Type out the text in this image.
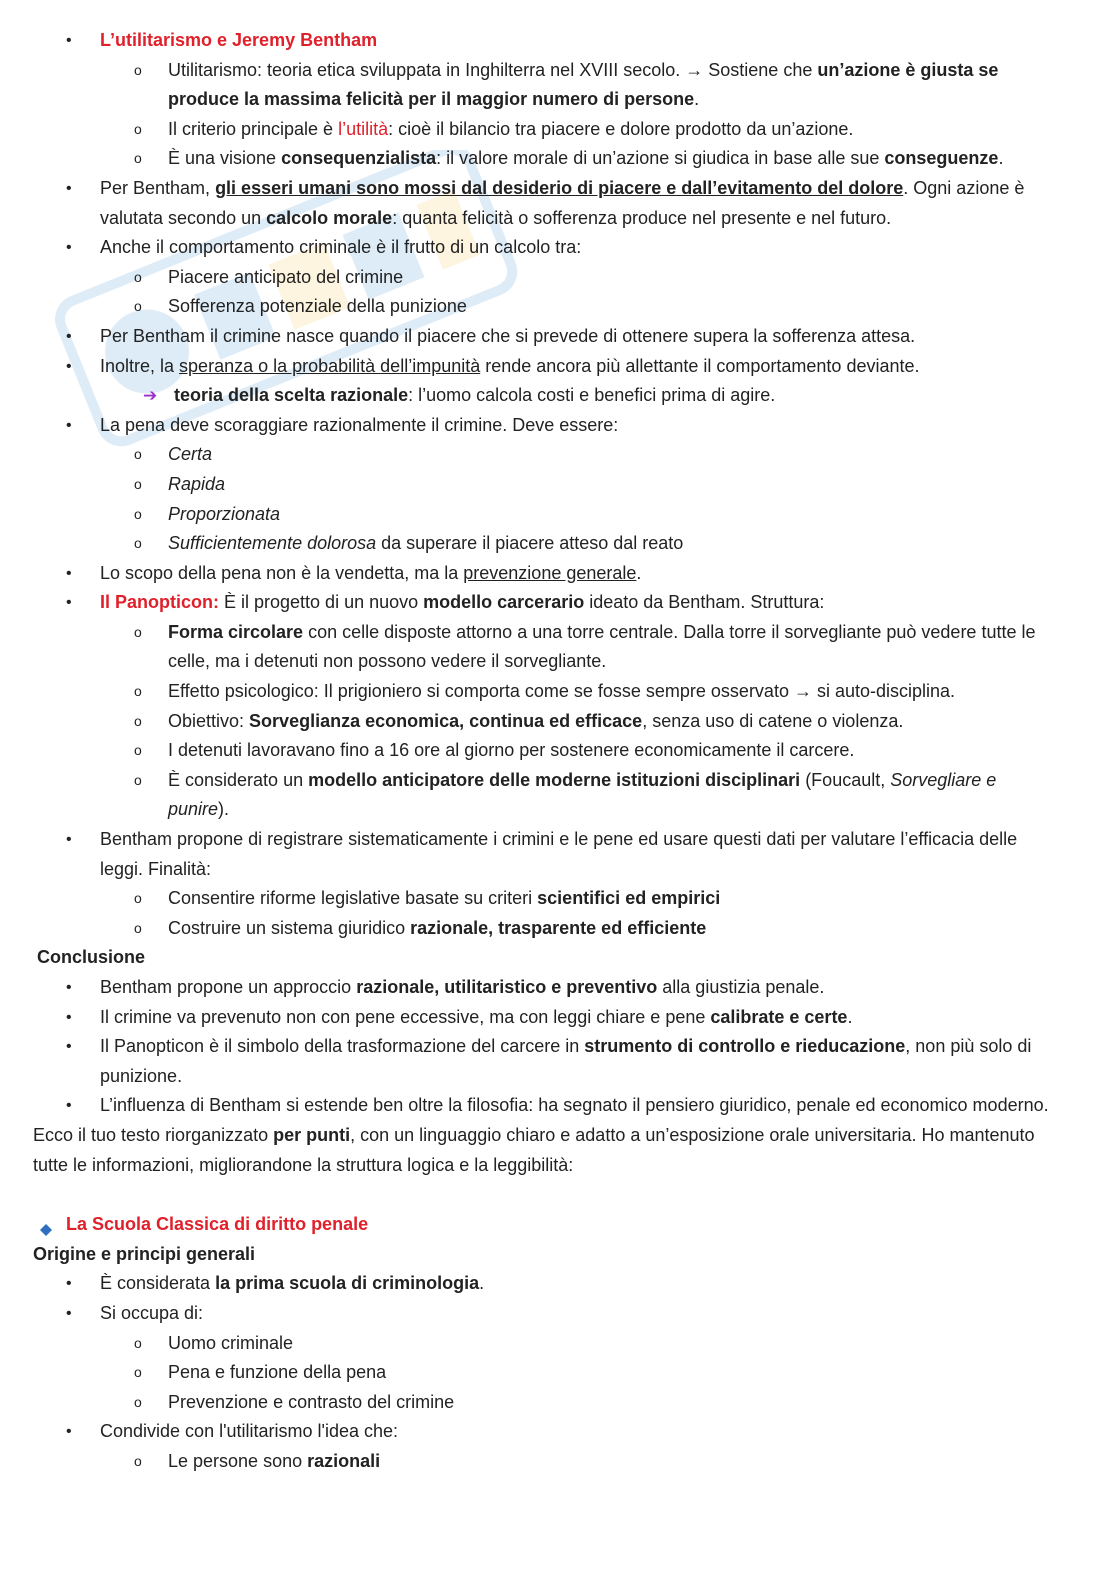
• L’utilitarismo e Jeremy Bentham
o Utilitarismo: teoria etica sviluppata in Inghilterra nel XVIII secolo. → Sostiene che un’azione è giusta se produce la massima felicità per il maggior numero di persone.
o Il criterio principale è l’utilità: cioè il bilancio tra piacere e dolore prodotto da un’azione.
o È una visione consequenzialista: il valore morale di un’azione si giudica in base alle sue conseguenze.
• Per Bentham, gli esseri umani sono mossi dal desiderio di piacere e dall’evitamento del dolore. Ogni azione è valutata secondo un calcolo morale: quanta felicità o sofferenza produce nel presente e nel futuro.
• Anche il comportamento criminale è il frutto di un calcolo tra:
o Piacere anticipato del crimine
o Sofferenza potenziale della punizione
• Per Bentham il crimine nasce quando il piacere che si prevede di ottenere supera la sofferenza attesa.
• Inoltre, la speranza o la probabilità dell’impunità rende ancora più allettante il comportamento deviante.
➔ teoria della scelta razionale: l’uomo calcola costi e benefici prima di agire.
• La pena deve scoraggiare razionalmente il crimine. Deve essere:
o Certa
o Rapida
o Proporzionata
o Sufficientemente dolorosa da superare il piacere atteso dal reato
• Lo scopo della pena non è la vendetta, ma la prevenzione generale.
• Il Panopticon: È il progetto di un nuovo modello carcerario ideato da Bentham. Struttura:
o Forma circolare con celle disposte attorno a una torre centrale. Dalla torre il sorvegliante può vedere tutte le celle, ma i detenuti non possono vedere il sorvegliante.
o Effetto psicologico: Il prigioniero si comporta come se fosse sempre osservato → si auto-disciplina.
o Obiettivo: Sorveglianza economica, continua ed efficace, senza uso di catene o violenza.
o I detenuti lavoravano fino a 16 ore al giorno per sostenere economicamente il carcere.
o È considerato un modello anticipatore delle moderne istituzioni disciplinari (Foucault, Sorvegliare e punire).
• Bentham propone di registrare sistematicamente i crimini e le pene ed usare questi dati per valutare l’efficacia delle leggi. Finalità:
o Consentire riforme legislative basate su criteri scientifici ed empirici
o Costruire un sistema giuridico razionale, trasparente ed efficiente
Conclusione
• Bentham propone un approccio razionale, utilitaristico e preventivo alla giustizia penale.
• Il crimine va prevenuto non con pene eccessive, ma con leggi chiare e pene calibrate e certe.
• Il Panopticon è il simbolo della trasformazione del carcere in strumento di controllo e rieducazione, non più solo di punizione.
• L’influenza di Bentham si estende ben oltre la filosofia: ha segnato il pensiero giuridico, penale ed economico moderno.
Ecco il tuo testo riorganizzato per punti, con un linguaggio chiaro e adatto a un’esposizione orale universitaria. Ho mantenuto tutte le informazioni, migliorandone la struttura logica e la leggibilità:
La Scuola Classica di diritto penale
Origine e principi generali
• È considerata la prima scuola di criminologia.
• Si occupa di:
o Uomo criminale
o Pena e funzione della pena
o Prevenzione e contrasto del crimine
• Condivide con l'utilitarismo l'idea che:
o Le persone sono razionali
